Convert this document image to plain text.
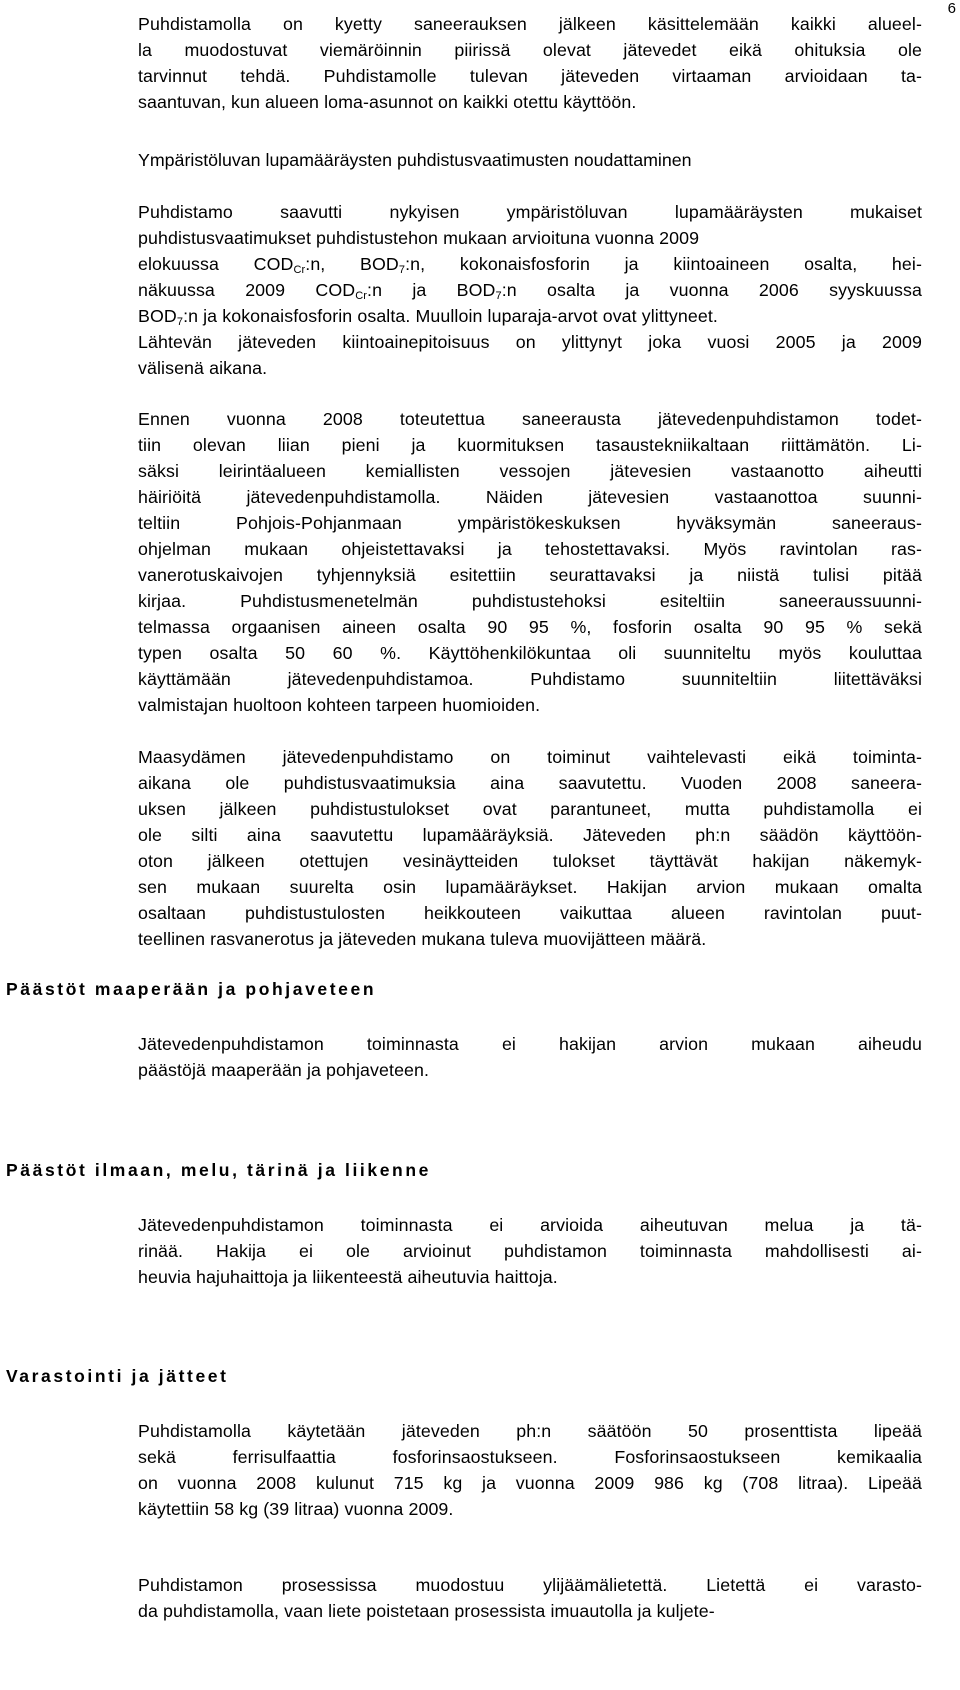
6
Puhdistamolla on kyetty saneerauksen jälkeen käsittelemään kaikki alueel-
la muodostuvat viemäröinnin piirissä olevat jätevedet eikä ohituksia ole
tarvinnut tehdä. Puhdistamolle tulevan jäteveden virtaaman arvioidaan ta-
saantuvan, kun alueen loma-asunnot on kaikki otettu käyttöön.
Ympäristöluvan lupamääräysten puhdistusvaatimusten noudattaminen
Puhdistamo saavutti nykyisen ympäristöluvan lupamääräysten mukaiset
puhdistusvaatimukset puhdistustehon mukaan arvioituna vuonna 2009
elokuussa $COD_{Cr}:n$, $BOD_7:n$, kokonaisfosforin ja kiintoaineen osalta, hei-
näkuussa 2009 $COD_{Cr}:n$ ja $BOD_7:n$ osalta ja vuonna 2006 syyskuussa
$BOD_7:n$ ja kokonaisfosforin osalta. Muulloin luparaja-arvot ovat ylittyneet.
Lähtevän jäteveden kiintoainepitoisuus on ylittynyt joka vuosi 2005 ja 2009
välisenä aikana.
Ennen vuonna 2008 toteutettua saneerausta jätevedenpuhdistamon todet-
tiin olevan liian pieni ja kuormituksen tasaustekniikaltaan riittämätön. Li-
säksi leirintäalueen kemiallisten vessojen jätevesien vastaanotto aiheutti
häiriöitä jätevedenpuhdistamolla. Näiden jätevesien vastaanottoa suunni-
teltiin Pohjois-Pohjanmaan ympäristökeskuksen hyväksymän saneeraus-
ohjelman mukaan ohjeistettavaksi ja tehostettavaksi. Myös ravintolan ras-
vanerotuskaivojen tyhjennyksiä esitettiin seurattavaksi ja niistä tulisi pitää
kirjaa. Puhdistusmenetelmän puhdistustehoksi esiteltiin saneeraussuunni-
telmassa orgaanisen aineen osalta 90 95 %, fosforin osalta 90 95 % sekä
typen osalta 50 60 %. Käyttöhenkilökuntaa oli suunniteltu myös kouluttaa
käyttämään jätevedenpuhdistamoa. Puhdistamo suunniteltiin liitettäväksi
valmistajan huoltoon kohteen tarpeen huomioiden.
Maasydämen jätevedenpuhdistamo on toiminut vaihtelevasti eikä toiminta-
aikana ole puhdistusvaatimuksia aina saavutettu. Vuoden 2008 saneera-
uksen jälkeen puhdistustulokset ovat parantuneet, mutta puhdistamolla ei
ole silti aina saavutettu lupamääräyksiä. Jäteveden ph:n säädön käyttöön-
oton jälkeen otettujen vesinäytteiden tulokset täyttävät hakijan näkemyk-
sen mukaan suurelta osin lupamääräykset. Hakijan arvion mukaan omalta
osaltaan puhdistustulosten heikkouteen vaikuttaa alueen ravintolan puut-
teellinen rasvanerotus ja jäteveden mukana tuleva muovijätteen määrä.
Päästöt maaperään ja pohjaveteen
Jätevedenpuhdistamon toiminnasta ei hakijan arvion mukaan aiheudu
päästöjä maaperään ja pohjaveteen.
Päästöt ilmaan, melu, tärinä ja liikenne
Jätevedenpuhdistamon toiminnasta ei arvioida aiheutuvan melua ja tä-
rinää. Hakija ei ole arvioinut puhdistamon toiminnasta mahdollisesti ai-
heuvia hajuhaittoja ja liikenteestä aiheutuvia haittoja.
Varastointi ja jätteet
Puhdistamolla käytetään jäteveden ph:n säätöön 50 prosenttista lipeää
sekä ferrisulfaattia fosforinsaostukseen. Fosforinsaostukseen kemikaalia
on vuonna 2008 kulunut 715 kg ja vuonna 2009 986 kg (708 litraa). Lipeää
käytettiin 58 kg (39 litraa) vuonna 2009.
Puhdistamon prosessissa muodostuu ylijäämälietettä. Lietettä ei varasto-
da puhdistamolla, vaan liete poistetaan prosessista imuautolla ja kuljete-
